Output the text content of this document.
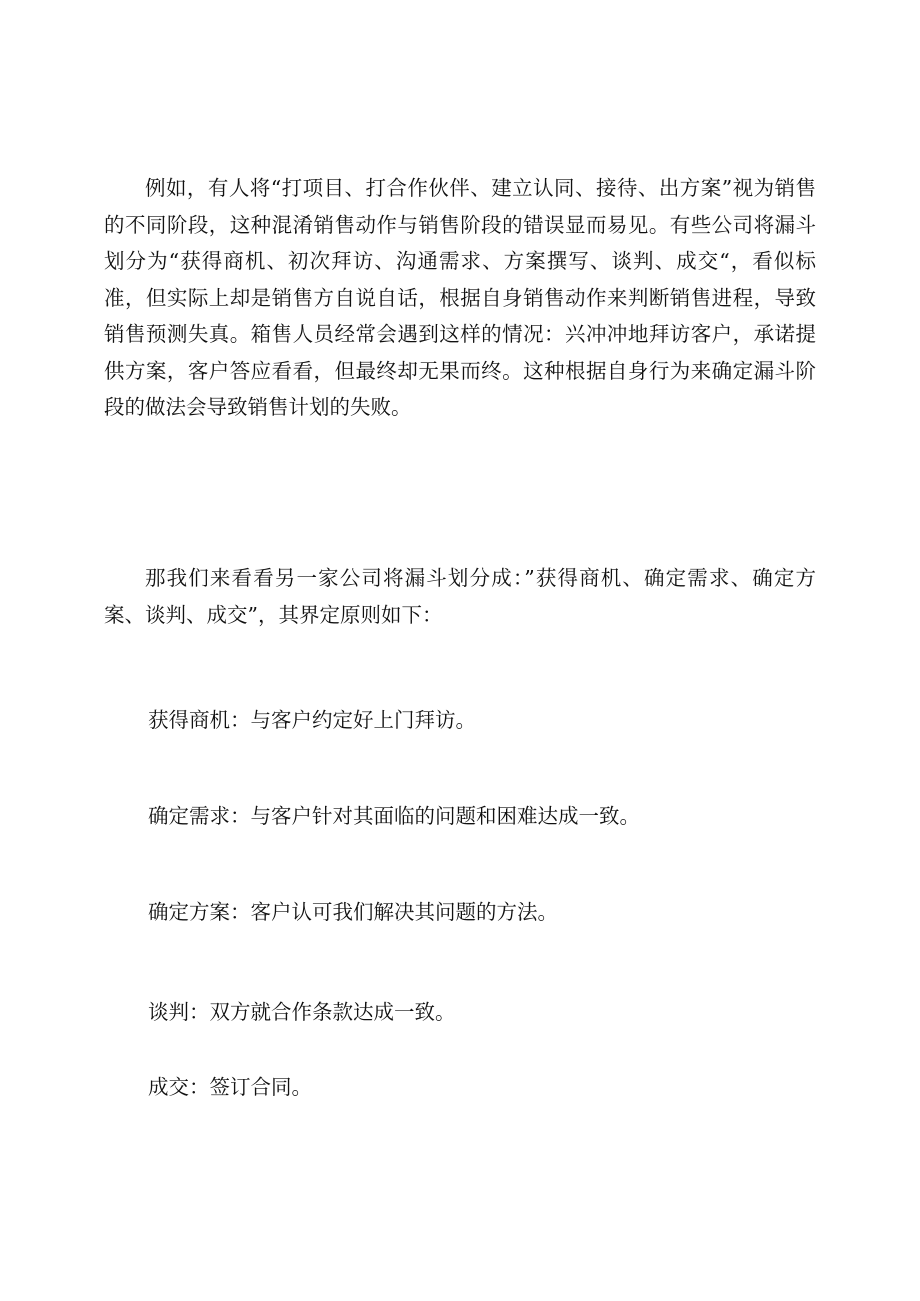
例如，有人将“打项目、打合作伙伴、建立认同、接待、出方案”视为销售的不同阶段，这种混淆销售动作与销售阶段的错误显而易见。有些公司将漏斗划分为“获得商机、初次拜访、沟通需求、方案撰写、谈判、成交“，看似标准，但实际上却是销售方自说自话，根据自身销售动作来判断销售进程，导致销售预测失真。箱售人员经常会遇到这样的情况：兴冲冲地拜访客户，承诺提供方案，客户答应看看，但最终却无果而终。这种根据自身行为来确定漏斗阶段的做法会导致销售计划的失败。

那我们来看看另一家公司将漏斗划分成：”获得商机、确定需求、确定方案、谈判、成交”，其界定原则如下：

获得商机：与客户约定好上门拜访。

确定需求：与客户针对其面临的问题和困难达成一致。

确定方案：客户认可我们解决其问题的方法。

谈判：双方就合作条款达成一致。

成交：签订合同。
